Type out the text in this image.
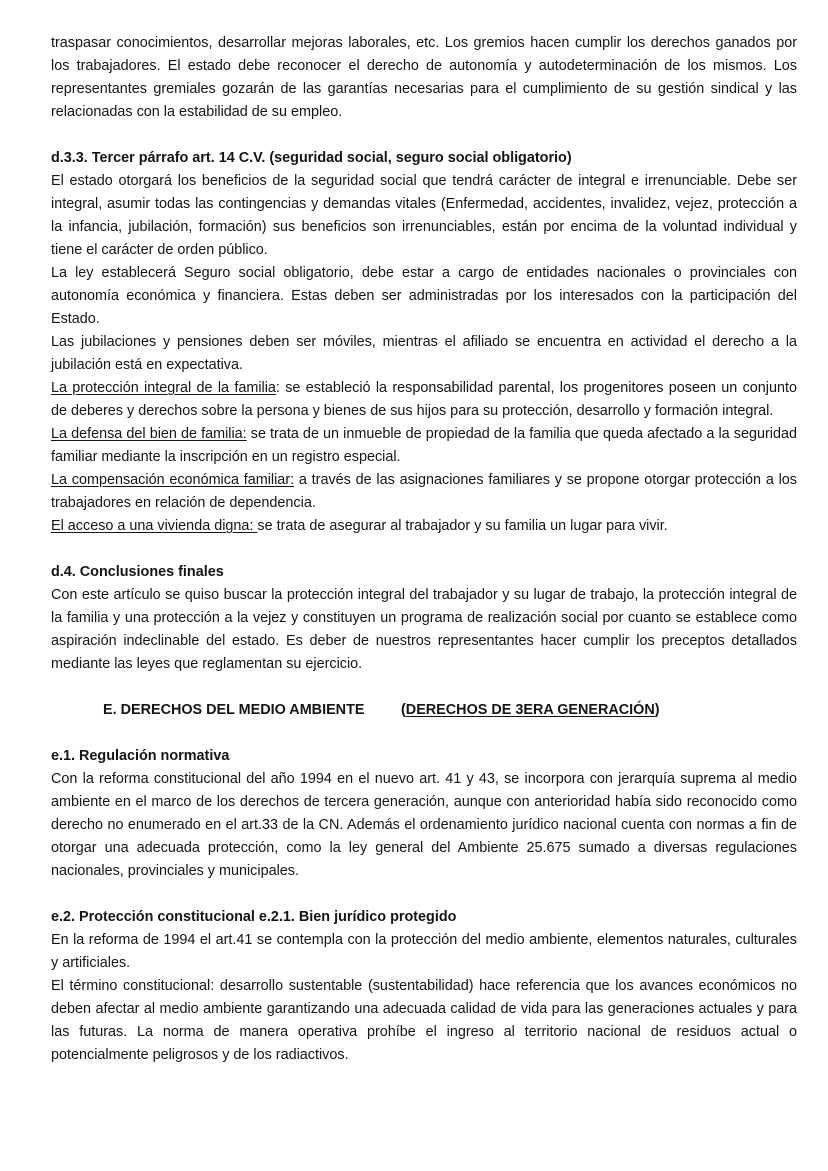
traspasar conocimientos, desarrollar mejoras laborales, etc. Los gremios hacen cumplir los derechos ganados por los trabajadores. El estado debe reconocer el derecho de autonomía y autodeterminación de los mismos. Los representantes gremiales gozarán de las garantías necesarias para el cumplimiento de su gestión sindical y las relacionadas con la estabilidad de su empleo.

d.3.3. Tercer párrafo art. 14 C.V. (seguridad social, seguro social obligatorio)

El estado otorgará los beneficios de la seguridad social que tendrá carácter de integral e irrenunciable. Debe ser integral, asumir todas las contingencias y demandas vitales (Enfermedad, accidentes, invalidez, vejez, protección a la infancia, jubilación, formación) sus beneficios son irrenunciables, están por encima de la voluntad individual y tiene el carácter de orden público.

La ley establecerá Seguro social obligatorio, debe estar a cargo de entidades nacionales o provinciales con autonomía económica y financiera. Estas deben ser administradas por los interesados con la participación del Estado.

Las jubilaciones y pensiones deben ser móviles, mientras el afiliado se encuentra en actividad el derecho a la jubilación está en expectativa.

La protección integral de la familia: se estableció la responsabilidad parental, los progenitores poseen un conjunto de deberes y derechos sobre la persona y bienes de sus hijos para su protección, desarrollo y formación integral.

La defensa del bien de familia: se trata de un inmueble de propiedad de la familia que queda afectado a la seguridad familiar mediante la inscripción en un registro especial.

La compensación económica familiar: a través de las asignaciones familiares y se propone otorgar protección a los trabajadores en relación de dependencia.

El acceso a una vivienda digna: se trata de asegurar al trabajador y su familia un lugar para vivir.

d.4. Conclusiones finales

Con este artículo se quiso buscar la protección integral del trabajador y su lugar de trabajo, la protección integral de la familia y una protección a la vejez y constituyen un programa de realización social por cuanto se establece como aspiración indeclinable del estado. Es deber de nuestros representantes hacer cumplir los preceptos detallados mediante las leyes que reglamentan su ejercicio.

E. DERECHOS DEL MEDIO AMBIENTE	(DERECHOS DE 3ERA GENERACIÓN)
e.1. Regulación normativa

Con la reforma constitucional del año 1994 en el nuevo art. 41 y 43, se incorpora con jerarquía suprema al medio ambiente en el marco de los derechos de tercera generación, aunque con anterioridad había sido reconocido como derecho no enumerado en el art.33 de la CN. Además el ordenamiento jurídico nacional cuenta con normas a fin de otorgar una adecuada protección, como la ley general del Ambiente 25.675 sumado a diversas regulaciones nacionales, provinciales y municipales.

e.2. Protección constitucional e.2.1. Bien jurídico protegido

En la reforma de 1994 el art.41 se contempla con la protección del medio ambiente, elementos naturales, culturales y artificiales.

El término constitucional: desarrollo sustentable (sustentabilidad) hace referencia que los avances económicos no deben afectar al medio ambiente garantizando una adecuada calidad de vida para las generaciones actuales y para las futuras. La norma de manera operativa prohíbe el ingreso al territorio nacional de residuos actual o potencialmente peligrosos y de los radiactivos.
